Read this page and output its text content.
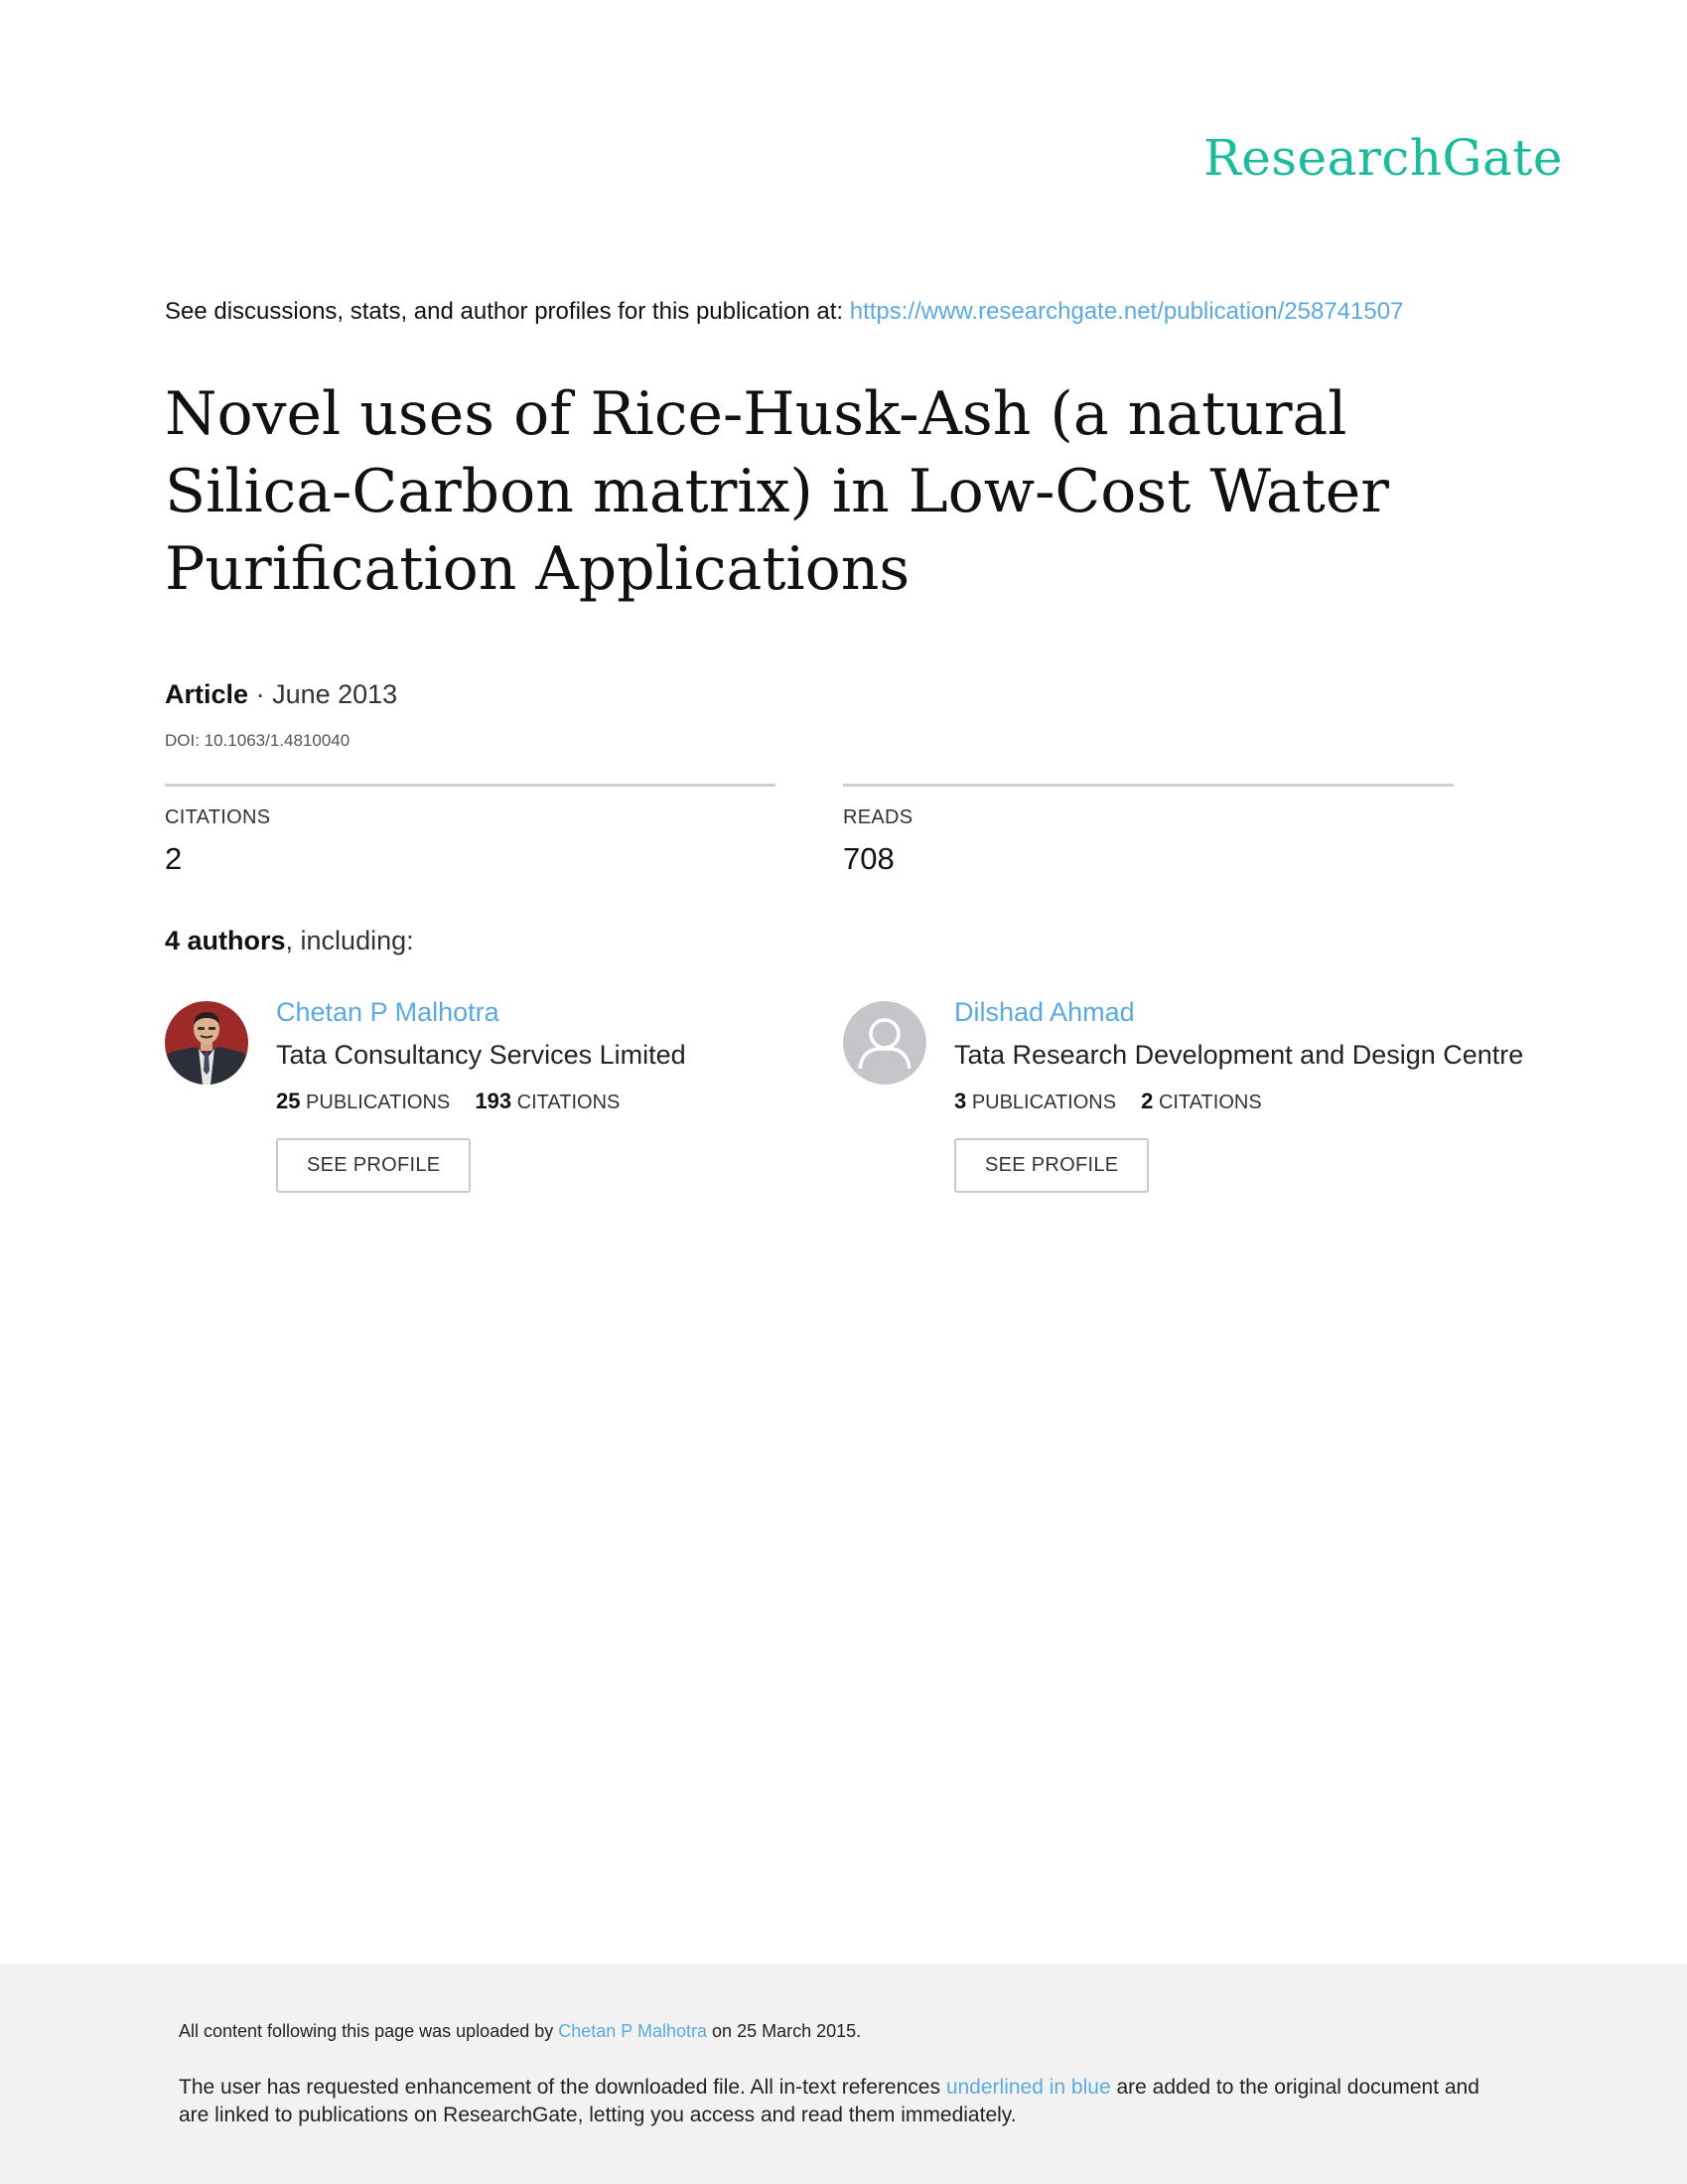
ResearchGate
See discussions, stats, and author profiles for this publication at: https://www.researchgate.net/publication/258741507
Novel uses of Rice-Husk-Ash (a natural Silica-Carbon matrix) in Low-Cost Water Purification Applications
Article · June 2013
DOI: 10.1063/1.4810040
CITATIONS
2
READS
708
4 authors, including:
Chetan P Malhotra
Tata Consultancy Services Limited
25 PUBLICATIONS 193 CITATIONS
SEE PROFILE
Dilshad Ahmad
Tata Research Development and Design Centre
3 PUBLICATIONS 2 CITATIONS
SEE PROFILE
All content following this page was uploaded by Chetan P Malhotra on 25 March 2015.
The user has requested enhancement of the downloaded file. All in-text references underlined in blue are added to the original document and are linked to publications on ResearchGate, letting you access and read them immediately.
